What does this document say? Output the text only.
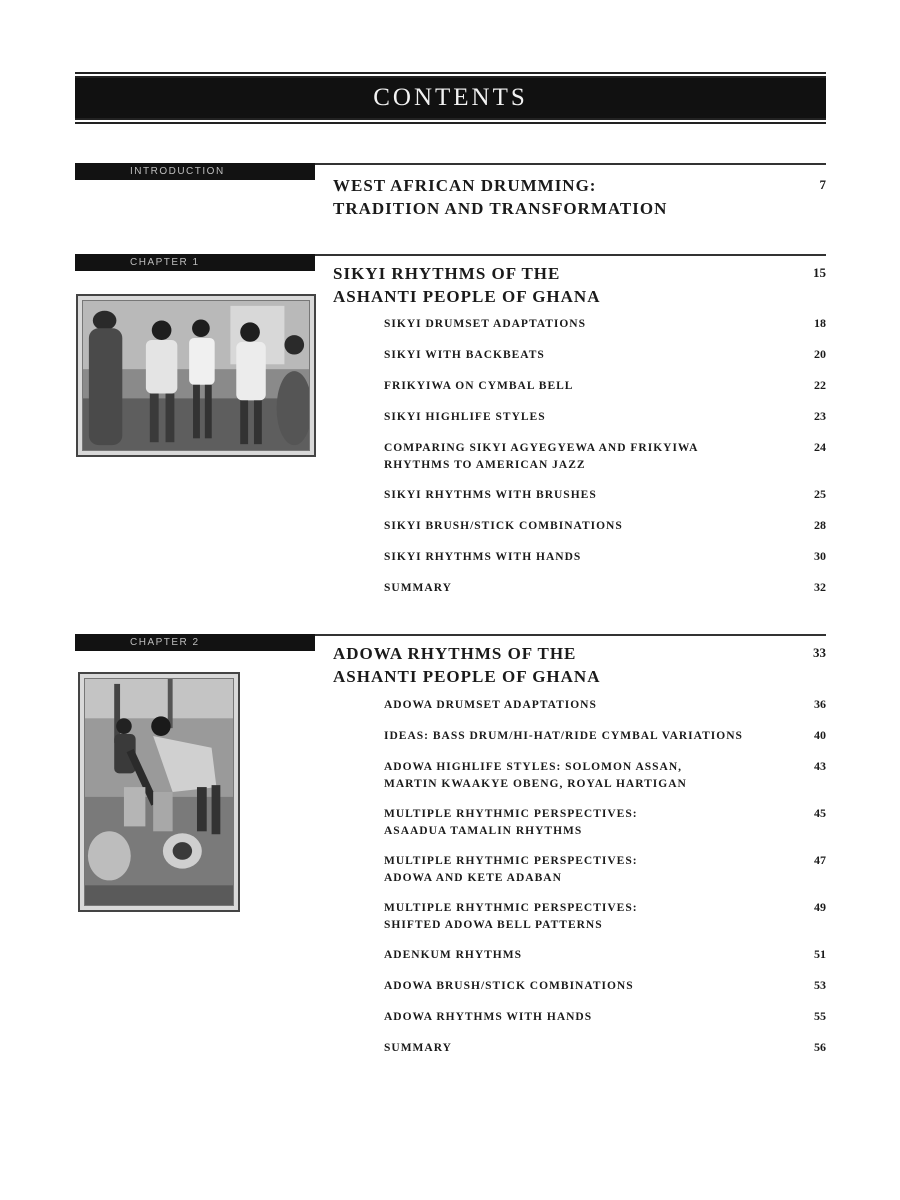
CONTENTS
INTRODUCTION
WEST AFRICAN DRUMMING:
TRADITION AND TRANSFORMATION
7
CHAPTER 1
SIKYI RHYTHMS OF THE
ASHANTI PEOPLE OF GHANA
15
SIKYI DRUMSET ADAPTATIONS	18
SIKYI WITH BACKBEATS	20
FRIKYIWA ON CYMBAL BELL	22
SIKYI HIGHLIFE STYLES	23
COMPARING SIKYI AGYEGYEWA AND FRIKYIWA
RHYTHMS TO AMERICAN JAZZ
24
SIKYI RHYTHMS WITH BRUSHES	25
SIKYI BRUSH/STICK COMBINATIONS	28
SIKYI RHYTHMS WITH HANDS	30
SUMMARY	32
CHAPTER 2
ADOWA RHYTHMS OF THE
ASHANTI PEOPLE OF GHANA
33
ADOWA DRUMSET ADAPTATIONS	36
IDEAS: BASS DRUM/HI-HAT/RIDE CYMBAL VARIATIONS	40
ADOWA HIGHLIFE STYLES: SOLOMON ASSAN,
MARTIN KWAAKYE OBENG, ROYAL HARTIGAN
43
MULTIPLE RHYTHMIC PERSPECTIVES:
ASAADUA TAMALIN RHYTHMS
45
MULTIPLE RHYTHMIC PERSPECTIVES:
ADOWA AND KETE ADABAN
47
MULTIPLE RHYTHMIC PERSPECTIVES:
SHIFTED ADOWA BELL PATTERNS
49
ADENKUM RHYTHMS	51
ADOWA BRUSH/STICK COMBINATIONS	53
ADOWA RHYTHMS WITH HANDS	55
SUMMARY	56
